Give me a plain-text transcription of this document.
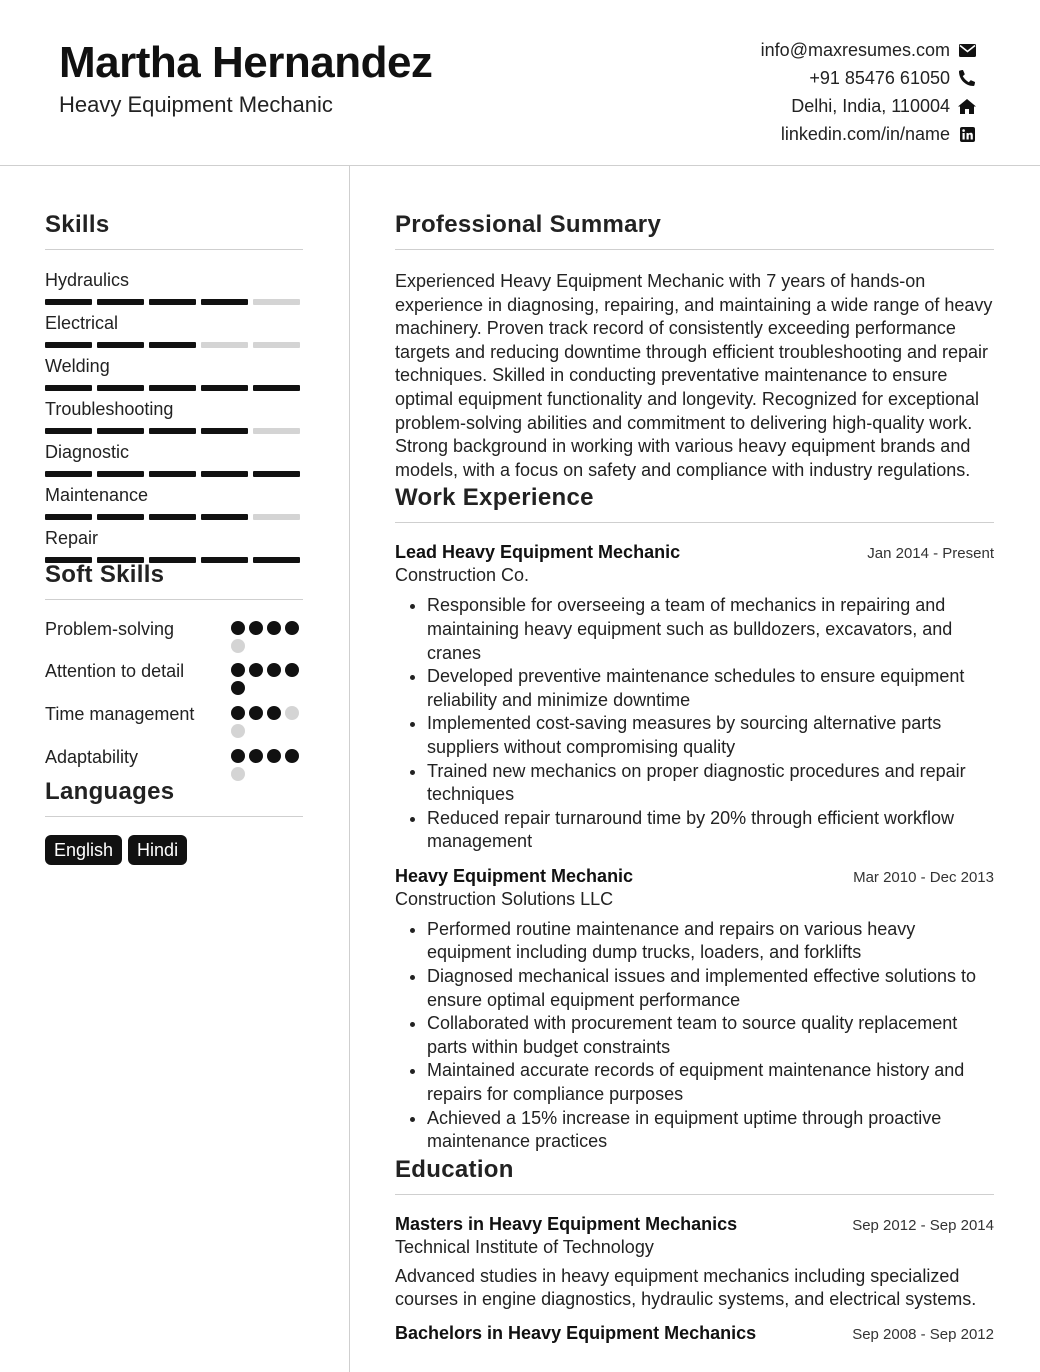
Martha Hernandez
Heavy Equipment Mechanic
info@maxresumes.com
+91 85476 61050
Delhi, India, 110004
linkedin.com/in/name
Skills
Hydraulics
Electrical
Welding
Troubleshooting
Diagnostic
Maintenance
Repair
Soft Skills
Problem-solving
Attention to detail
Time management
Adaptability
Languages
English	Hindi
Professional Summary
Experienced Heavy Equipment Mechanic with 7 years of hands-on experience in diagnosing, repairing, and maintaining a wide range of heavy machinery. Proven track record of consistently exceeding performance targets and reducing downtime through efficient troubleshooting and repair techniques. Skilled in conducting preventative maintenance to ensure optimal equipment functionality and longevity. Recognized for exceptional problem-solving abilities and commitment to delivering high-quality work. Strong background in working with various heavy equipment brands and models, with a focus on safety and compliance with industry regulations.
Work Experience
Lead Heavy Equipment Mechanic	Jan 2014 - Present
Construction Co.
• Responsible for overseeing a team of mechanics in repairing and maintaining heavy equipment such as bulldozers, excavators, and cranes
• Developed preventive maintenance schedules to ensure equipment reliability and minimize downtime
• Implemented cost-saving measures by sourcing alternative parts suppliers without compromising quality
• Trained new mechanics on proper diagnostic procedures and repair techniques
• Reduced repair turnaround time by 20% through efficient workflow management
Heavy Equipment Mechanic	Mar 2010 - Dec 2013
Construction Solutions LLC
• Performed routine maintenance and repairs on various heavy equipment including dump trucks, loaders, and forklifts
• Diagnosed mechanical issues and implemented effective solutions to ensure optimal equipment performance
• Collaborated with procurement team to source quality replacement parts within budget constraints
• Maintained accurate records of equipment maintenance history and repairs for compliance purposes
• Achieved a 15% increase in equipment uptime through proactive maintenance practices
Education
Masters in Heavy Equipment Mechanics	Sep 2012 - Sep 2014
Technical Institute of Technology
Advanced studies in heavy equipment mechanics including specialized courses in engine diagnostics, hydraulic systems, and electrical systems.
Bachelors in Heavy Equipment Mechanics	Sep 2008 - Sep 2012
